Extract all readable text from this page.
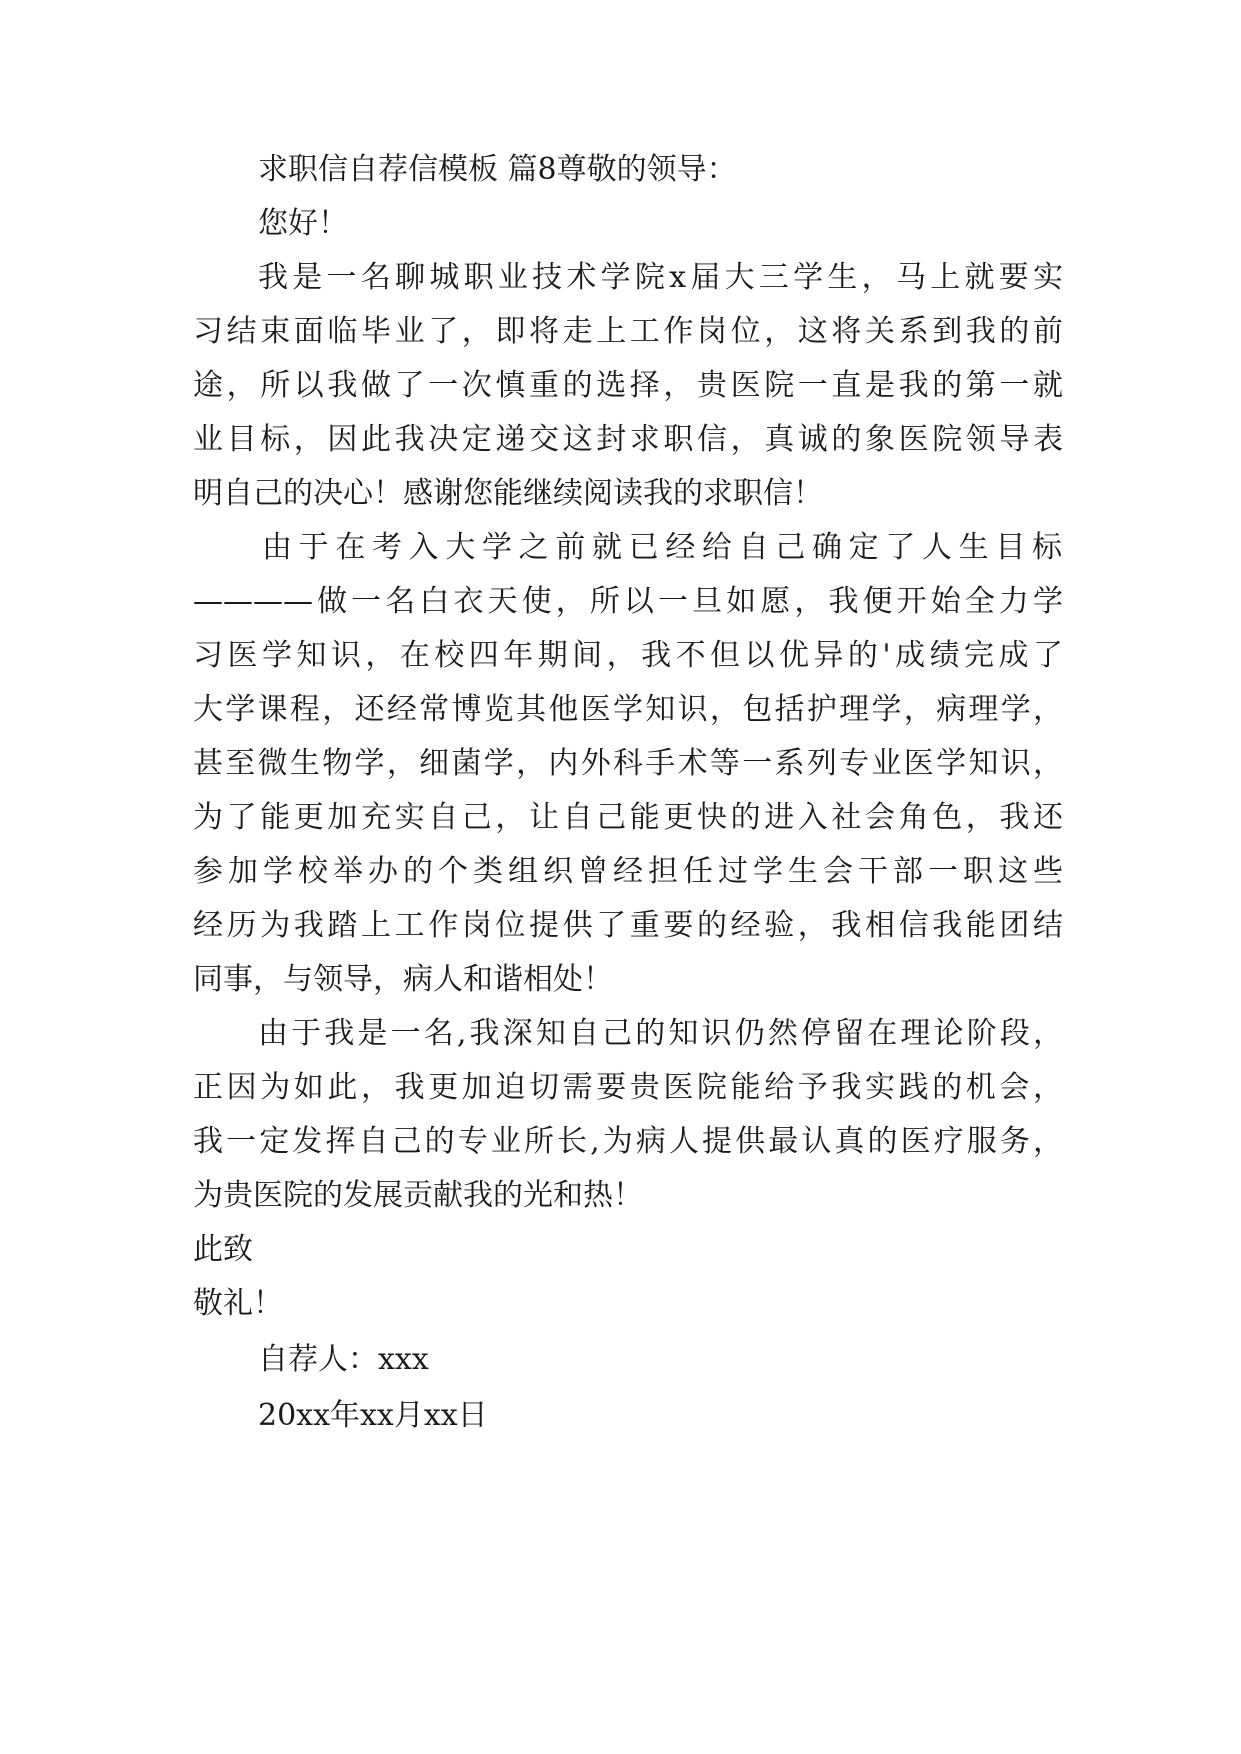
求职信自荐信模板 篇8尊敬的领导：
您好！
我是一名聊城职业技术学院x届大三学生，马上就要实
习结束面临毕业了，即将走上工作岗位，这将关系到我的前
途，所以我做了一次慎重的选择，贵医院一直是我的第一就
业目标，因此我决定递交这封求职信，真诚的象医院领导表
明自己的决心！感谢您能继续阅读我的求职信！
由于在考入大学之前就已经给自己确定了人生目标
————做一名白衣天使，所以一旦如愿，我便开始全力学
习医学知识，在校四年期间，我不但以优异的'成绩完成了
大学课程，还经常博览其他医学知识，包括护理学，病理学，
甚至微生物学，细菌学，内外科手术等一系列专业医学知识，
为了能更加充实自己，让自己能更快的进入社会角色，我还
参加学校举办的个类组织曾经担任过学生会干部一职这些
经历为我踏上工作岗位提供了重要的经验，我相信我能团结
同事，与领导，病人和谐相处！
由于我是一名,我深知自己的知识仍然停留在理论阶段，
正因为如此，我更加迫切需要贵医院能给予我实践的机会，
我一定发挥自己的专业所长,为病人提供最认真的医疗服务，
为贵医院的发展贡献我的光和热！
此致
敬礼！
自荐人：xxx
20xx年xx月xx日
